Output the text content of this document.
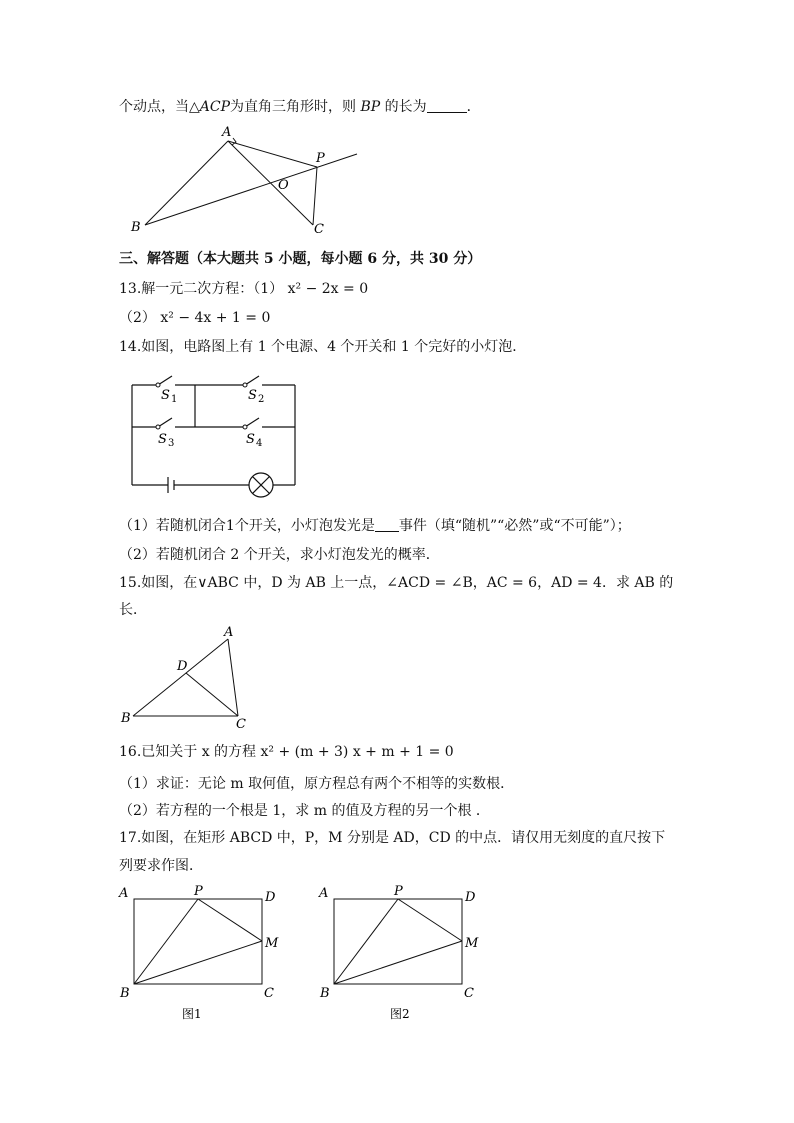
个动点，当△ACP为直角三角形时，则 BP 的长为	．
A
B	C
O
P
三、解答题（本大题共 5 小题，每小题 6 分，共 30 分）
13.解一元二次方程：（1） x² − 2x = 0
（2） x² − 4x + 1 = 0
14.如图，电路图上有 1 个电源、4 个开关和 1 个完好的小灯泡．
S 1	S 2
S 3	S 4
（1）若随机闭合1个开关，小灯泡发光是 事件（填“随机”“必然”或“不可能”）；
（2）若随机闭合 2 个开关，求小灯泡发光的概率．
15.如图，在∨ABC 中，D 为 AB 上一点，∠ACD = ∠B，AC = 6，AD = 4．求 AB 的
长．
A
B	C
D
16.已知关于 x 的方程 x² + (m + 3) x + m + 1 = 0
（1）求证：无论 m 取何值，原方程总有两个不相等的实数根．
（2）若方程的一个根是 1，求 m 的值及方程的另一个根 ．
17.如图，在矩形 ABCD 中，P，M 分别是 AD，CD 的中点．请仅用无刻度的直尺按下
列要求作图．
A	P	D
M
B	C
图1
A	P	D
M
B	C
图2
